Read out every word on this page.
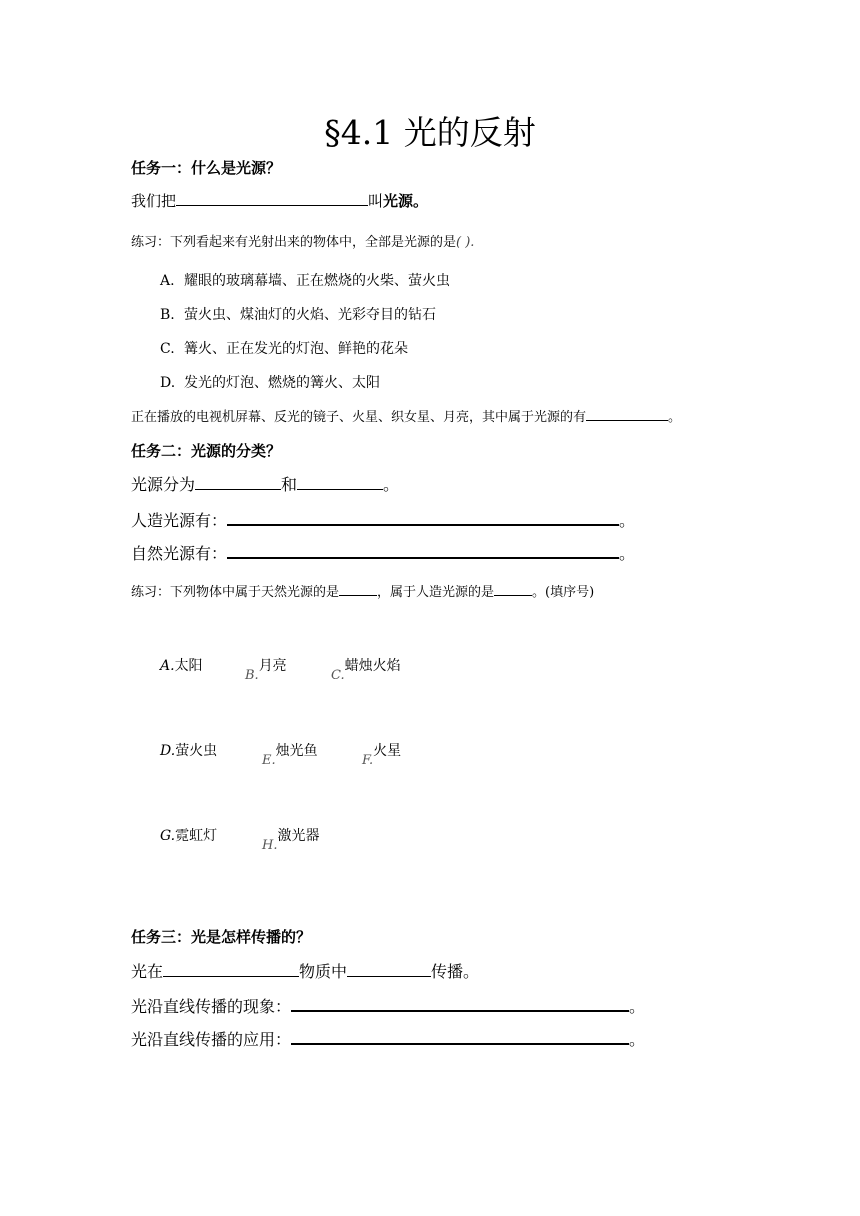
§4.1 光的反射
任务一：什么是光源？
我们把	叫光源。
练习：下列看起来有光射出来的物体中，全部是光源的是( ).
A. 耀眼的玻璃幕墙、正在燃烧的火柴、萤火虫
B. 萤火虫、煤油灯的火焰、光彩夺目的钻石
C. 篝火、正在发光的灯泡、鲜艳的花朵
D. 发光的灯泡、燃烧的篝火、太阳
正在播放的电视机屏幕、反光的镜子、火星、织女星、月亮，其中属于光源的有	。
任务二：光源的分类？
光源分为	和	。
人造光源有：	。
自然光源有：	。
练习：下列物体中属于天然光源的是	，属于人造光源的是	。(填序号)
A.太阳
B.月亮
C.蜡烛火焰
D.萤火虫
E.烛光鱼
F.火星
G.霓虹灯
H.激光器
任务三：光是怎样传播的？
光在	物质中	传播。
光沿直线传播的现象：	。
光沿直线传播的应用：	。
